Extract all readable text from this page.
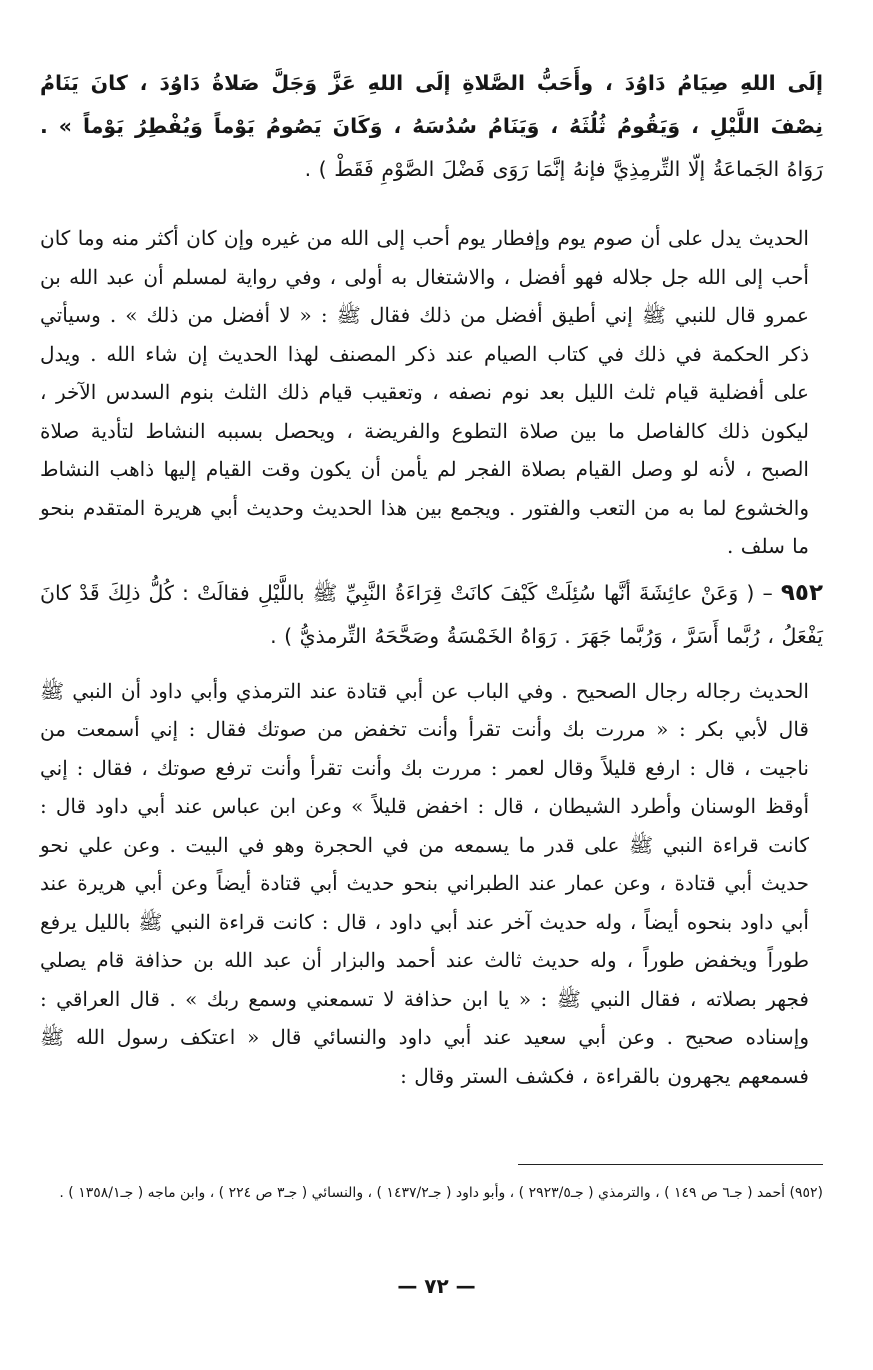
إلَى اللهِ صِيَامُ دَاوُدَ ، وأَحَبُّ الصَّلاةِ إلَى اللهِ عَزَّ وَجَلَّ صَلاةُ دَاوُدَ ، كانَ يَنَامُ نِصْفَ اللَّيْلِ ، وَيَقُومُ ثُلُثَهُ ، وَيَنَامُ سُدُسَهُ ، وَكَانَ يَصُومُ يَوْماً وَيُفْطِرُ يَوْماً » . رَوَاهُ الجَماعَةُ إلّا التِّرمِذِيَّ فإنهُ إنَّمَا رَوَى فَضْلَ الصَّوْمِ فَقَطْ ) .

الحديث يدل على أن صوم يوم وإفطار يوم أحب إلى الله من غيره وإن كان أكثر منه وما كان أحب إلى الله جل جلاله فهو أفضل ، والاشتغال به أولى ، وفي رواية لمسلم أن عبد الله بن عمرو قال للنبي ﷺ إني أطيق أفضل من ذلك فقال ﷺ : « لا أفضل من ذلك » . وسيأتي ذكر الحكمة في ذلك في كتاب الصيام عند ذكر المصنف لهذا الحديث إن شاء الله . ويدل على أفضلية قيام ثلث الليل بعد نوم نصفه ، وتعقيب قيام ذلك الثلث بنوم السدس الآخر ، ليكون ذلك كالفاصل ما بين صلاة التطوع والفريضة ، ويحصل بسببه النشاط لتأدية صلاة الصبح ، لأنه لو وصل القيام بصلاة الفجر لم يأمن أن يكون وقت القيام إليها ذاهب النشاط والخشوع لما به من التعب والفتور . ويجمع بين هذا الحديث وحديث أبي هريرة المتقدم بنحو ما سلف .

٩٥٢ – ( وَعَنْ عائِشَةَ أنَّها سُئِلَتْ كَيْفَ كانَتْ قِرَاءَةُ النَّبِيِّ ﷺ باللَّيْلِ فقالَتْ : كُلُّ ذلِكَ قَدْ كانَ يَفْعَلُ ، رُبَّما أَسَرَّ ، وَرُبَّما جَهَرَ . رَوَاهُ الخَمْسَةُ وصَحَّحَهُ التِّرمذيُّ ) .

الحديث رجاله رجال الصحيح . وفي الباب عن أبي قتادة عند الترمذي وأبي داود أن النبي ﷺ قال لأبي بكر : « مررت بك وأنت تقرأ وأنت تخفض من صوتك فقال : إني أسمعت من ناجيت ، قال : ارفع قليلاً وقال لعمر : مررت بك وأنت تقرأ وأنت ترفع صوتك ، فقال : إني أوقظ الوسنان وأطرد الشيطان ، قال : اخفض قليلاً » وعن ابن عباس عند أبي داود قال : كانت قراءة النبي ﷺ على قدر ما يسمعه من في الحجرة وهو في البيت . وعن علي نحو حديث أبي قتادة ، وعن عمار عند الطبراني بنحو حديث أبي قتادة أيضاً وعن أبي هريرة عند أبي داود بنحوه أيضاً ، وله حديث آخر عند أبي داود ، قال : كانت قراءة النبي ﷺ بالليل يرفع طوراً ويخفض طوراً ، وله حديث ثالث عند أحمد والبزار أن عبد الله بن حذافة قام يصلي فجهر بصلاته ، فقال النبي ﷺ : « يا ابن حذافة لا تسمعني وسمع ربك » . قال العراقي : وإسناده صحيح . وعن أبي سعيد عند أبي داود والنسائي قال « اعتكف رسول الله ﷺ فسمعهم يجهرون بالقراءة ، فكشف الستر وقال :

(٩٥٢) أحمد ( جـ٦ ص ١٤٩ ) ، والترمذي ( جـ٢٩٢٣/٥ ) ، وأبو داود ( جـ١٤٣٧/٢ ) ، والنسائي ( جـ٣ ص ٢٢٤ ) ، وابن ماجه ( جـ١٣٥٨/١ ) .
— ٧٢ —
